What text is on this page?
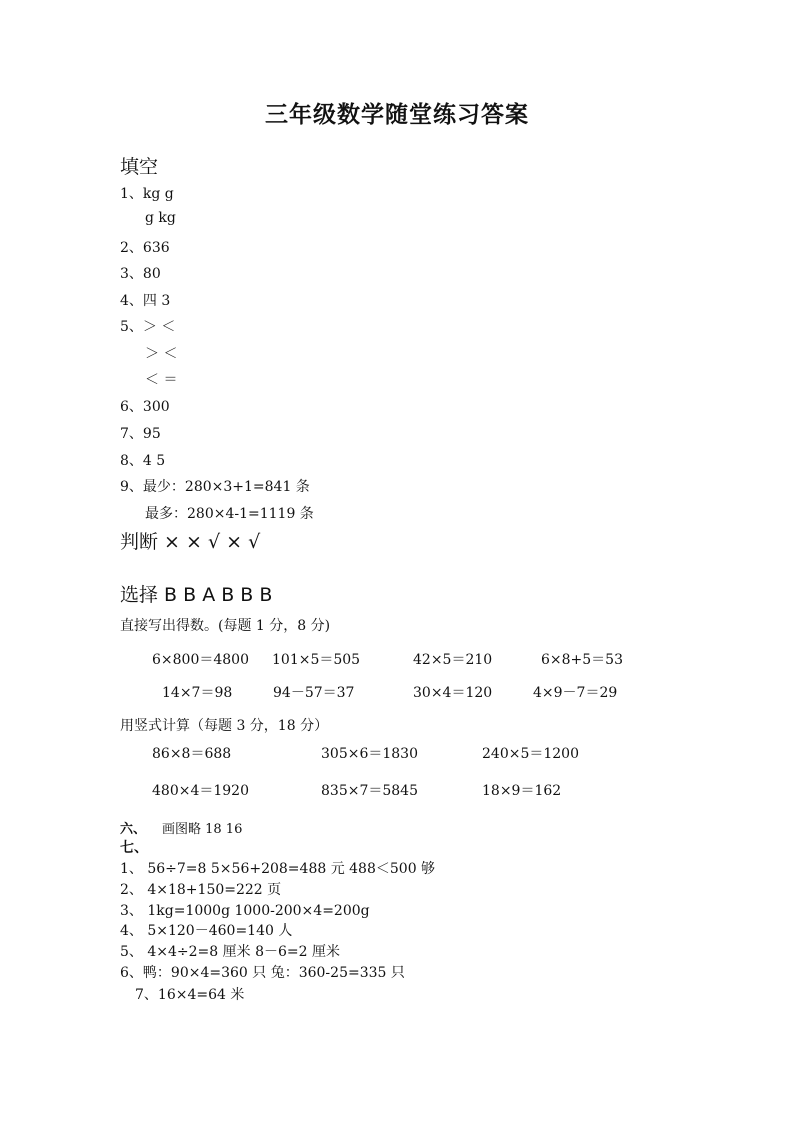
三年级数学随堂练习答案
填空
1、kg g
g kg
2、636
3、80
4、四 3
5、＞ ＜
＞ ＜
＜ ＝
6、300
7、95
8、4 5
9、最少：280×3+1=841 条
最多：280×4-1=1119 条
判断 × × √ × √
选择 B B A B B B
直接写出得数。(每题 1 分，8 分)
6×800＝4800 101×5＝505	42×5＝210	6×8+5＝53
14×7＝98	94－57＝37	30×4＝120	4×9－7＝29
用竖式计算（每题 3 分，18 分）
86×8＝688	305×6＝1830	240×5＝1200
480×4＝1920	835×7＝5845	18×9＝162
六、 画图略 18 16
七、
1、 56÷7=8 5×56+208=488 元 488＜500 够
2、 4×18+150=222 页
3、 1kg=1000g 1000-200×4=200g
4、 5×120－460=140 人
5、 4×4÷2=8 厘米 8－6=2 厘米
6、鸭：90×4=360 只 兔：360-25=335 只
7、16×4=64 米
